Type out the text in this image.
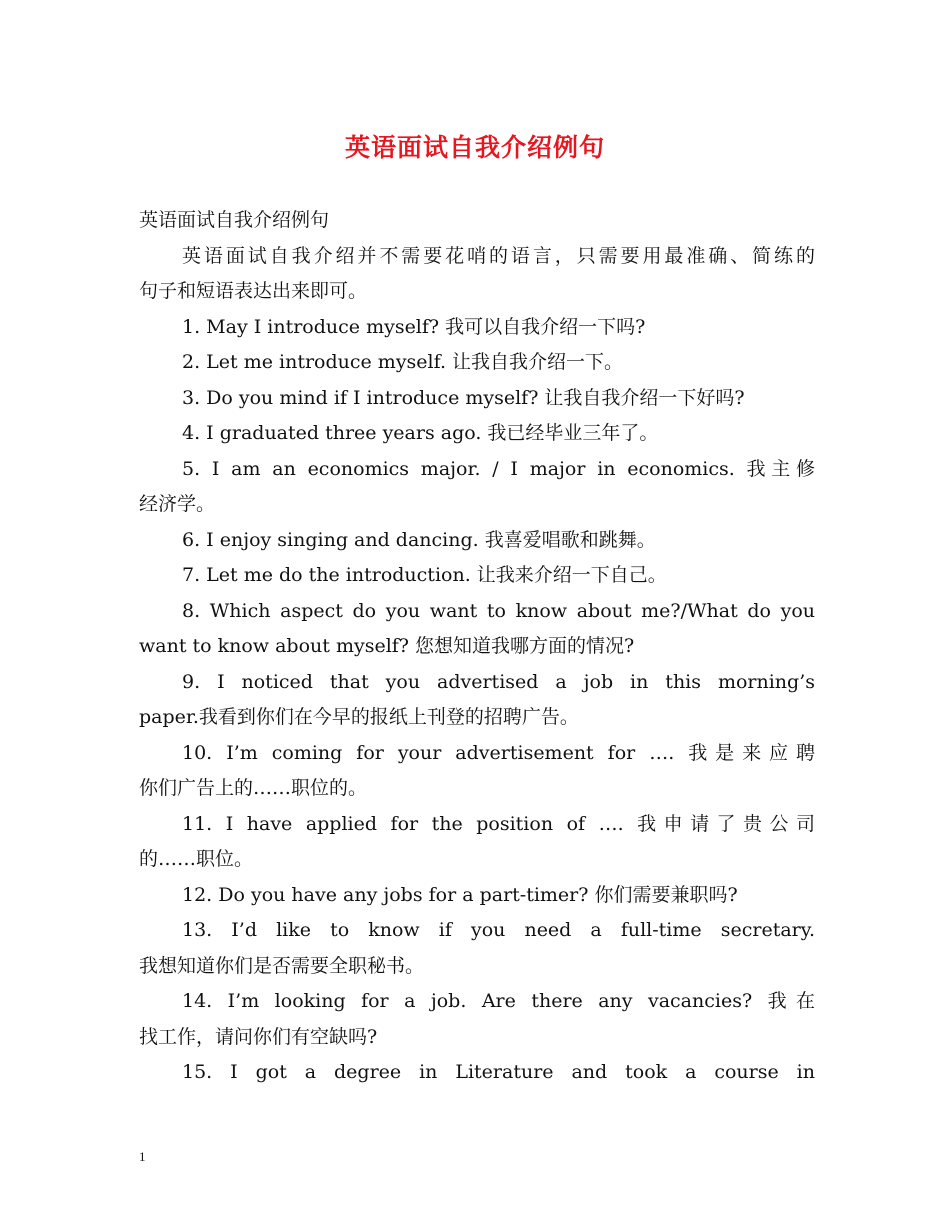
英语面试自我介绍例句
英语面试自我介绍例句
英语面试自我介绍并不需要花哨的语言，只需要用最准确、简练的
句子和短语表达出来即可。
1. May I introduce myself? 我可以自我介绍一下吗?
2. Let me introduce myself. 让我自我介绍一下。
3. Do you mind if I introduce myself? 让我自我介绍一下好吗?
4. I graduated three years ago. 我已经毕业三年了。
5. I am an economics major. / I major in economics. 我主修
经济学。
6. I enjoy singing and dancing. 我喜爱唱歌和跳舞。
7. Let me do the introduction. 让我来介绍一下自己。
8. Which aspect do you want to know about me?/What do you
want to know about myself? 您想知道我哪方面的情况?
9. I noticed that you advertised a job in this morning’s
paper.我看到你们在今早的报纸上刊登的招聘广告。
10. I’m coming for your advertisement for …. 我是来应聘
你们广告上的……职位的。
11. I have applied for the position of …. 我申请了贵公司
的……职位。
12. Do you have any jobs for a part-timer? 你们需要兼职吗?
13. I’d like to know if you need a full-time secretary.
我想知道你们是否需要全职秘书。
14. I’m looking for a job. Are there any vacancies? 我在
找工作，请问你们有空缺吗?
15. I got a degree in Literature and took a course in
1
